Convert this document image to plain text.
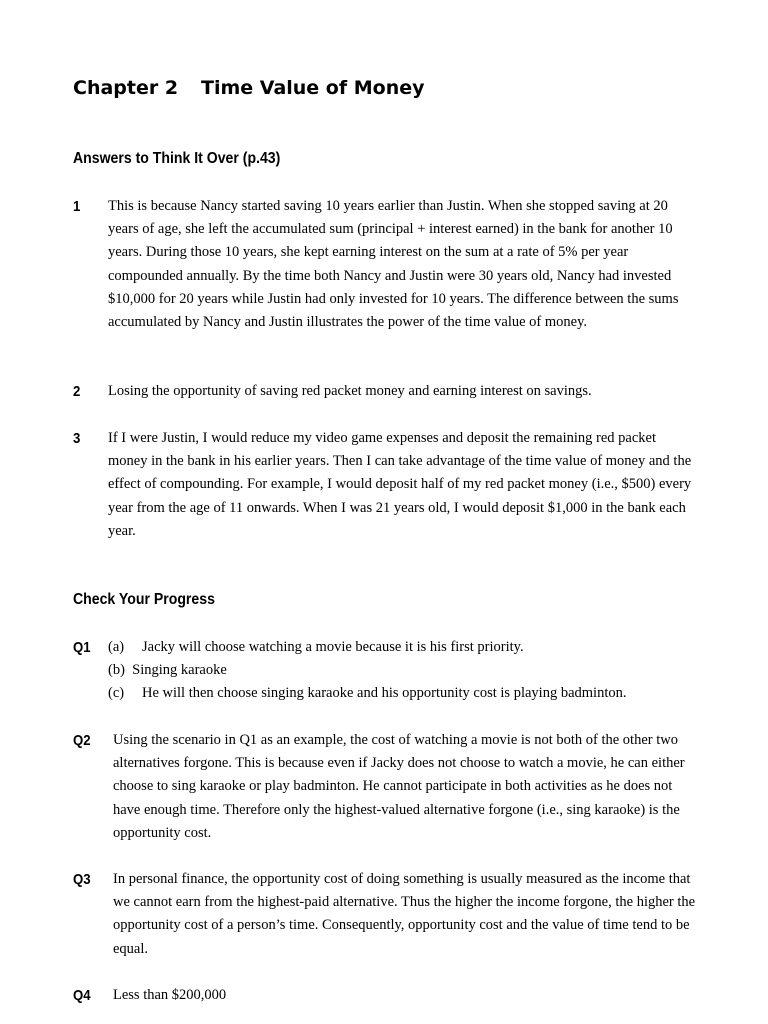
Chapter 2 Time Value of Money
Answers to Think It Over (p.43)
1 This is because Nancy started saving 10 years earlier than Justin. When she stopped saving at 20 years of age, she left the accumulated sum (principal + interest earned) in the bank for another 10 years. During those 10 years, she kept earning interest on the sum at a rate of 5% per year compounded annually. By the time both Nancy and Justin were 30 years old, Nancy had invested $10,000 for 20 years while Justin had only invested for 10 years. The difference between the sums accumulated by Nancy and Justin illustrates the power of the time value of money.
2 Losing the opportunity of saving red packet money and earning interest on savings.
3 If I were Justin, I would reduce my video game expenses and deposit the remaining red packet money in the bank in his earlier years. Then I can take advantage of the time value of money and the effect of compounding. For example, I would deposit half of my red packet money (i.e., $500) every year from the age of 11 onwards. When I was 21 years old, I would deposit $1,000 in the bank each year.
Check Your Progress
Q1 (a) Jacky will choose watching a movie because it is his first priority.
(b) Singing karaoke
(c) He will then choose singing karaoke and his opportunity cost is playing badminton.
Q2 Using the scenario in Q1 as an example, the cost of watching a movie is not both of the other two alternatives forgone. This is because even if Jacky does not choose to watch a movie, he can either choose to sing karaoke or play badminton. He cannot participate in both activities as he does not have enough time. Therefore only the highest-valued alternative forgone (i.e., sing karaoke) is the opportunity cost.
Q3 In personal finance, the opportunity cost of doing something is usually measured as the income that we cannot earn from the highest-paid alternative. Thus the higher the income forgone, the higher the opportunity cost of a person’s time. Consequently, opportunity cost and the value of time tend to be equal.
Q4 Less than $200,000
